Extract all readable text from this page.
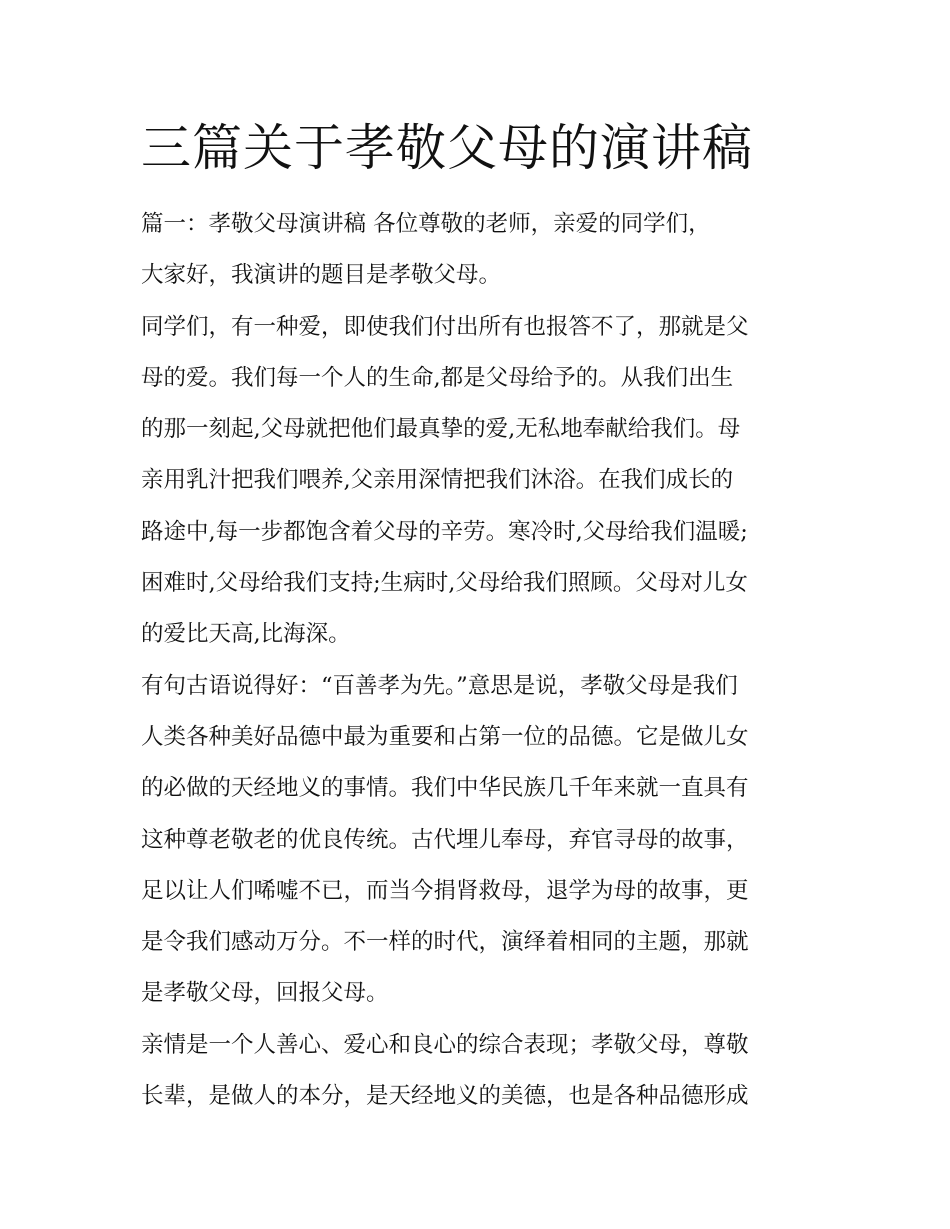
三篇关于孝敬父母的演讲稿
篇一：孝敬父母演讲稿 各位尊敬的老师，亲爱的同学们，
大家好，我演讲的题目是孝敬父母。
同学们，有一种爱，即使我们付出所有也报答不了，那就是父
母的爱。我们每一个人的生命,都是父母给予的。从我们出生
的那一刻起,父母就把他们最真挚的爱,无私地奉献给我们。母
亲用乳汁把我们喂养,父亲用深情把我们沐浴。在我们成长的
路途中,每一步都饱含着父母的辛劳。寒冷时,父母给我们温暖;
困难时,父母给我们支持;生病时,父母给我们照顾。父母对儿女
的爱比天高,比海深。
有句古语说得好：“百善孝为先。”意思是说，孝敬父母是我们
人类各种美好品德中最为重要和占第一位的品德。它是做儿女
的必做的天经地义的事情。我们中华民族几千年来就一直具有
这种尊老敬老的优良传统。古代埋儿奉母，弃官寻母的故事，
足以让人们唏嘘不已，而当今捐肾救母，退学为母的故事，更
是令我们感动万分。不一样的时代，演绎着相同的主题，那就
是孝敬父母，回报父母。
亲情是一个人善心、爱心和良心的综合表现；孝敬父母，尊敬
长辈，是做人的本分，是天经地义的美德，也是各种品德形成
